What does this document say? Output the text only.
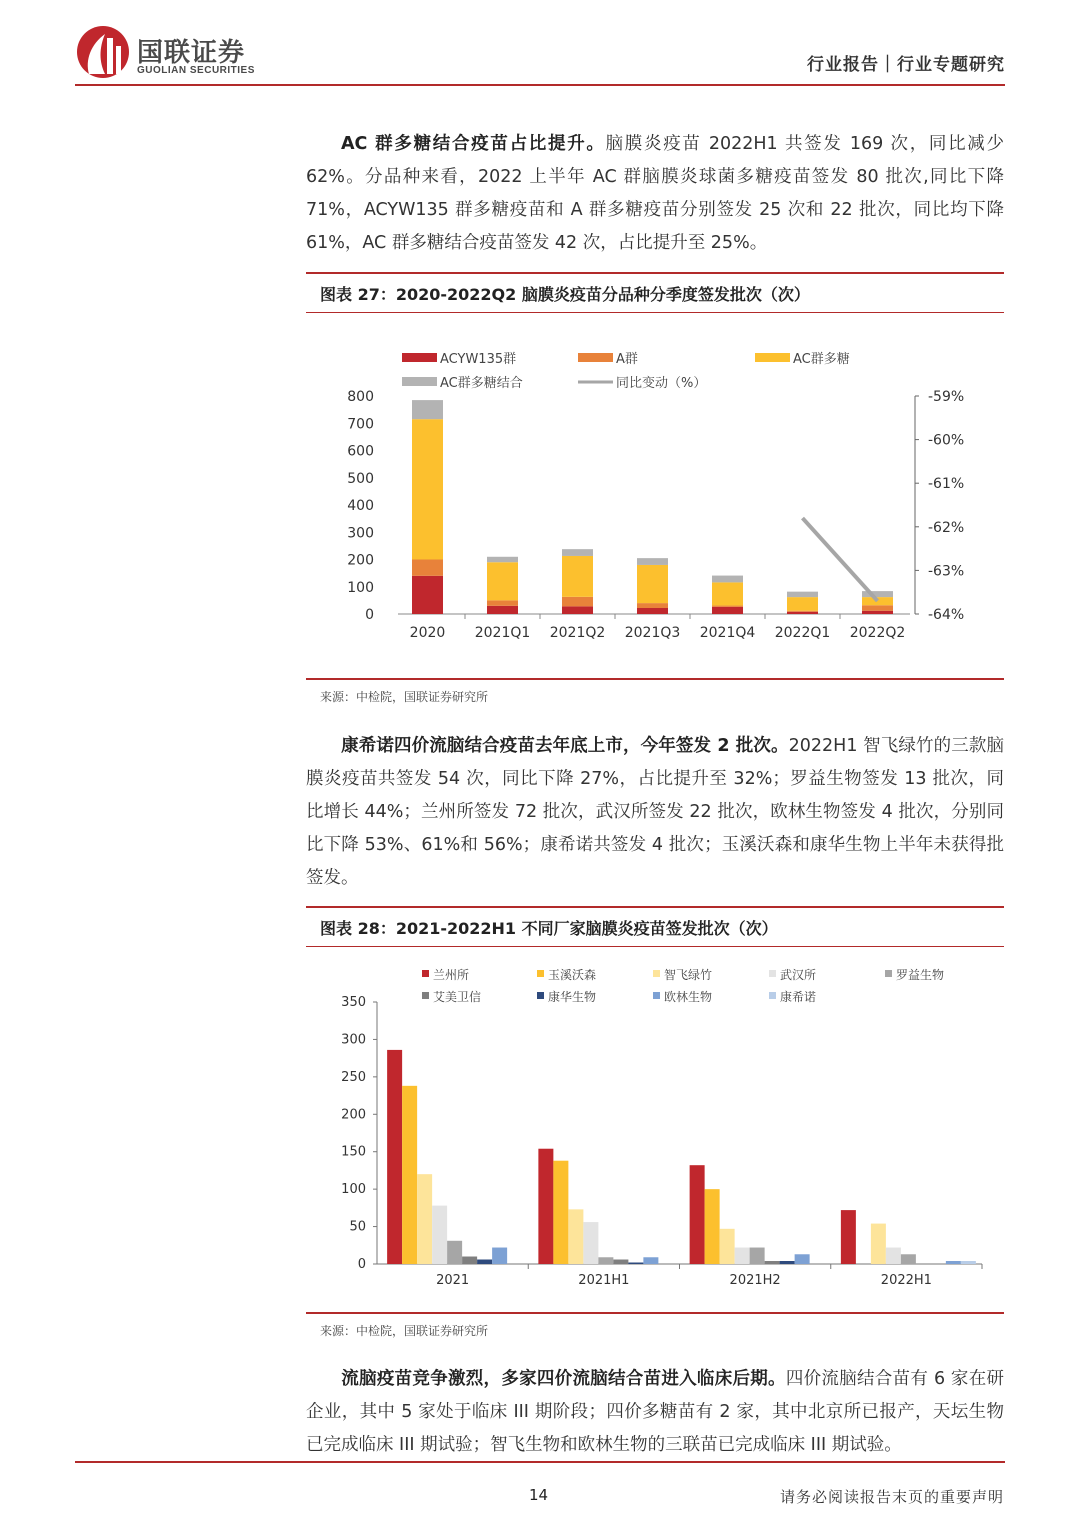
国联证券
GUOLIAN SECURITIES	行业报告｜行业专题研究
AC 群多糖结合疫苗占比提升。脑膜炎疫苗 2022H1 共签发 169 次，同比减少 62%。分品种来看，2022 上半年 AC 群脑膜炎球菌多糖疫苗签发 80 批次,同比下降 71%，ACYW135 群多糖疫苗和 A 群多糖疫苗分别签发 25 次和 22 批次，同比均下降 61%，AC 群多糖结合疫苗签发 42 次，占比提升至 25%。
图表 27：2020-2022Q2 脑膜炎疫苗分品种分季度签发批次（次）
ACYW135群	A群	AC群多糖
AC群多糖结合	同比变动（%）
0
100
200
300
400
500
600
700
800
-64%
-63%
-62%
-61%
-60%
-59%
2020 2021Q1 2021Q2 2021Q3 2021Q4 2022Q1 2022Q2
来源：中检院，国联证券研究所
康希诺四价流脑结合疫苗去年底上市，今年签发 2 批次。2022H1 智飞绿竹的三款脑膜炎疫苗共签发 54 次，同比下降 27%，占比提升至 32%；罗益生物签发 13 批次，同比增长 44%；兰州所签发 72 批次，武汉所签发 22 批次，欧林生物签发 4 批次，分别同比下降 53%、61%和 56%；康希诺共签发 4 批次；玉溪沃森和康华生物上半年未获得批签发。
图表 28：2021-2022H1 不同厂家脑膜炎疫苗签发批次（次）
兰州所	玉溪沃森	智飞绿竹	武汉所	罗益生物
艾美卫信	康华生物	欧林生物	康希诺
0
50
100
150
200
250
300
350
2021	2021H1	2021H2	2022H1
来源：中检院，国联证券研究所
流脑疫苗竞争激烈，多家四价流脑结合苗进入临床后期。四价流脑结合苗有 6 家在研企业，其中 5 家处于临床 III 期阶段；四价多糖苗有 2 家，其中北京所已报产，天坛生物已完成临床 III 期试验；智飞生物和欧林生物的三联苗已完成临床 III 期试验。
14	请务必阅读报告末页的重要声明
